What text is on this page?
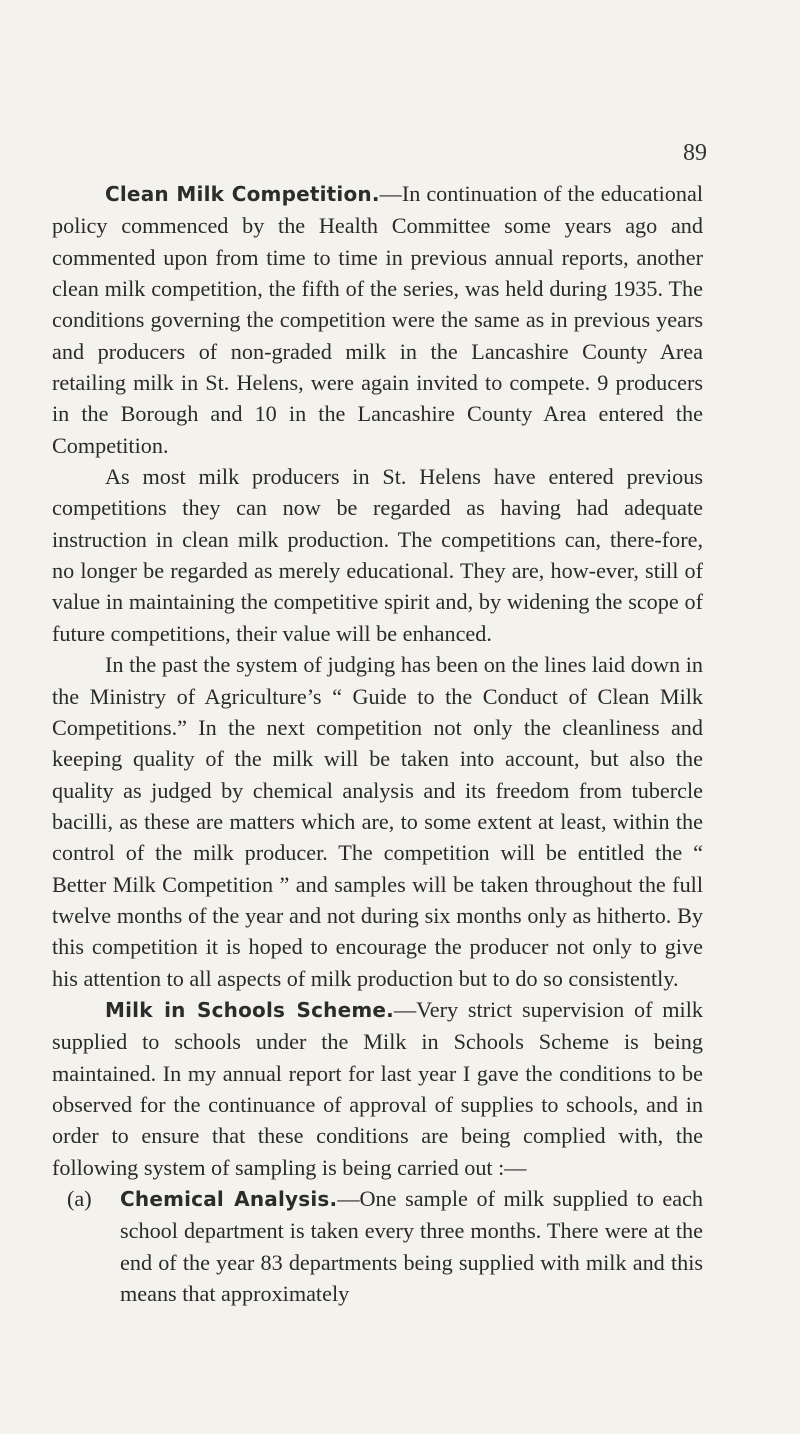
89

Clean Milk Competition.—In continuation of the educational policy commenced by the Health Committee some years ago and commented upon from time to time in previous annual reports, another clean milk competition, the fifth of the series, was held during 1935. The conditions governing the competition were the same as in previous years and producers of non-graded milk in the Lancashire County Area retailing milk in St. Helens, were again invited to compete. 9 producers in the Borough and 10 in the Lancashire County Area entered the Competition.

As most milk producers in St. Helens have entered previous competitions they can now be regarded as having had adequate instruction in clean milk production. The competitions can, there-fore, no longer be regarded as merely educational. They are, how-ever, still of value in maintaining the competitive spirit and, by widening the scope of future competitions, their value will be enhanced.

In the past the system of judging has been on the lines laid down in the Ministry of Agriculture’s “ Guide to the Conduct of Clean Milk Competitions.” In the next competition not only the cleanliness and keeping quality of the milk will be taken into account, but also the quality as judged by chemical analysis and its freedom from tubercle bacilli, as these are matters which are, to some extent at least, within the control of the milk producer. The competition will be entitled the “ Better Milk Competition ” and samples will be taken throughout the full twelve months of the year and not during six months only as hitherto. By this competition it is hoped to encourage the producer not only to give his attention to all aspects of milk production but to do so consistently.

Milk in Schools Scheme.—Very strict supervision of milk supplied to schools under the Milk in Schools Scheme is being maintained. In my annual report for last year I gave the conditions to be observed for the continuance of approval of supplies to schools, and in order to ensure that these conditions are being complied with, the following system of sampling is being carried out :—

(a) Chemical Analysis.—One sample of milk supplied to each school department is taken every three months. There were at the end of the year 83 departments being supplied with milk and this means that approximately
